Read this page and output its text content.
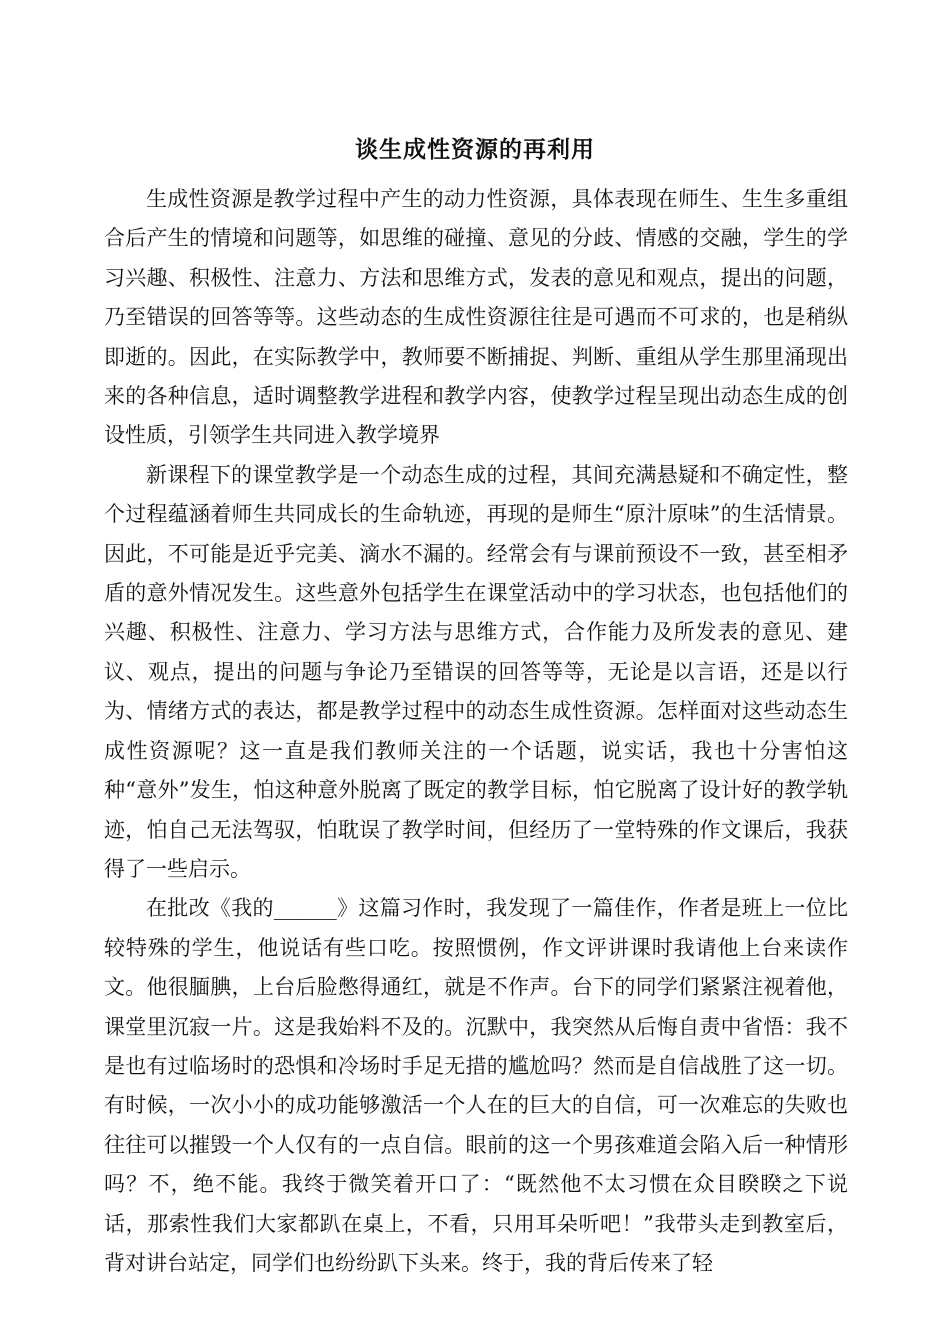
谈生成性资源的再利用

生成性资源是教学过程中产生的动力性资源，具体表现在师生、生生多重组合后产生的情境和问题等，如思维的碰撞、意见的分歧、情感的交融，学生的学习兴趣、积极性、注意力、方法和思维方式，发表的意见和观点，提出的问题，乃至错误的回答等等。这些动态的生成性资源往往是可遇而不可求的，也是稍纵即逝的。因此，在实际教学中，教师要不断捕捉、判断、重组从学生那里涌现出来的各种信息，适时调整教学进程和教学内容，使教学过程呈现出动态生成的创设性质，引领学生共同进入教学境界

新课程下的课堂教学是一个动态生成的过程，其间充满悬疑和不确定性，整个过程蕴涵着师生共同成长的生命轨迹，再现的是师生“原汁原味”的生活情景。因此，不可能是近乎完美、滴水不漏的。经常会有与课前预设不一致，甚至相矛盾的意外情况发生。这些意外包括学生在课堂活动中的学习状态，也包括他们的兴趣、积极性、注意力、学习方法与思维方式，合作能力及所发表的意见、建议、观点，提出的问题与争论乃至错误的回答等等，无论是以言语，还是以行为、情绪方式的表达，都是教学过程中的动态生成性资源。怎样面对这些动态生成性资源呢？这一直是我们教师关注的一个话题，说实话，我也十分害怕这种“意外”发生，怕这种意外脱离了既定的教学目标，怕它脱离了设计好的教学轨迹，怕自己无法驾驭，怕耽误了教学时间，但经历了一堂特殊的作文课后，我获得了一些启示。

在批改《我的______》这篇习作时，我发现了一篇佳作，作者是班上一位比较特殊的学生，他说话有些口吃。按照惯例，作文评讲课时我请他上台来读作文。他很腼腆，上台后脸憋得通红，就是不作声。台下的同学们紧紧注视着他，课堂里沉寂一片。这是我始料不及的。沉默中，我突然从后悔自责中省悟：我不是也有过临场时的恐惧和冷场时手足无措的尴尬吗？然而是自信战胜了这一切。有时候，一次小小的成功能够激活一个人在的巨大的自信，可一次难忘的失败也往往可以摧毁一个人仅有的一点自信。眼前的这一个男孩难道会陷入后一种情形吗？不，绝不能。我终于微笑着开口了：“既然他不太习惯在众目睽睽之下说话，那索性我们大家都趴在桌上，不看，只用耳朵听吧！”我带头走到教室后，背对讲台站定，同学们也纷纷趴下头来。终于，我的背后传来了轻
